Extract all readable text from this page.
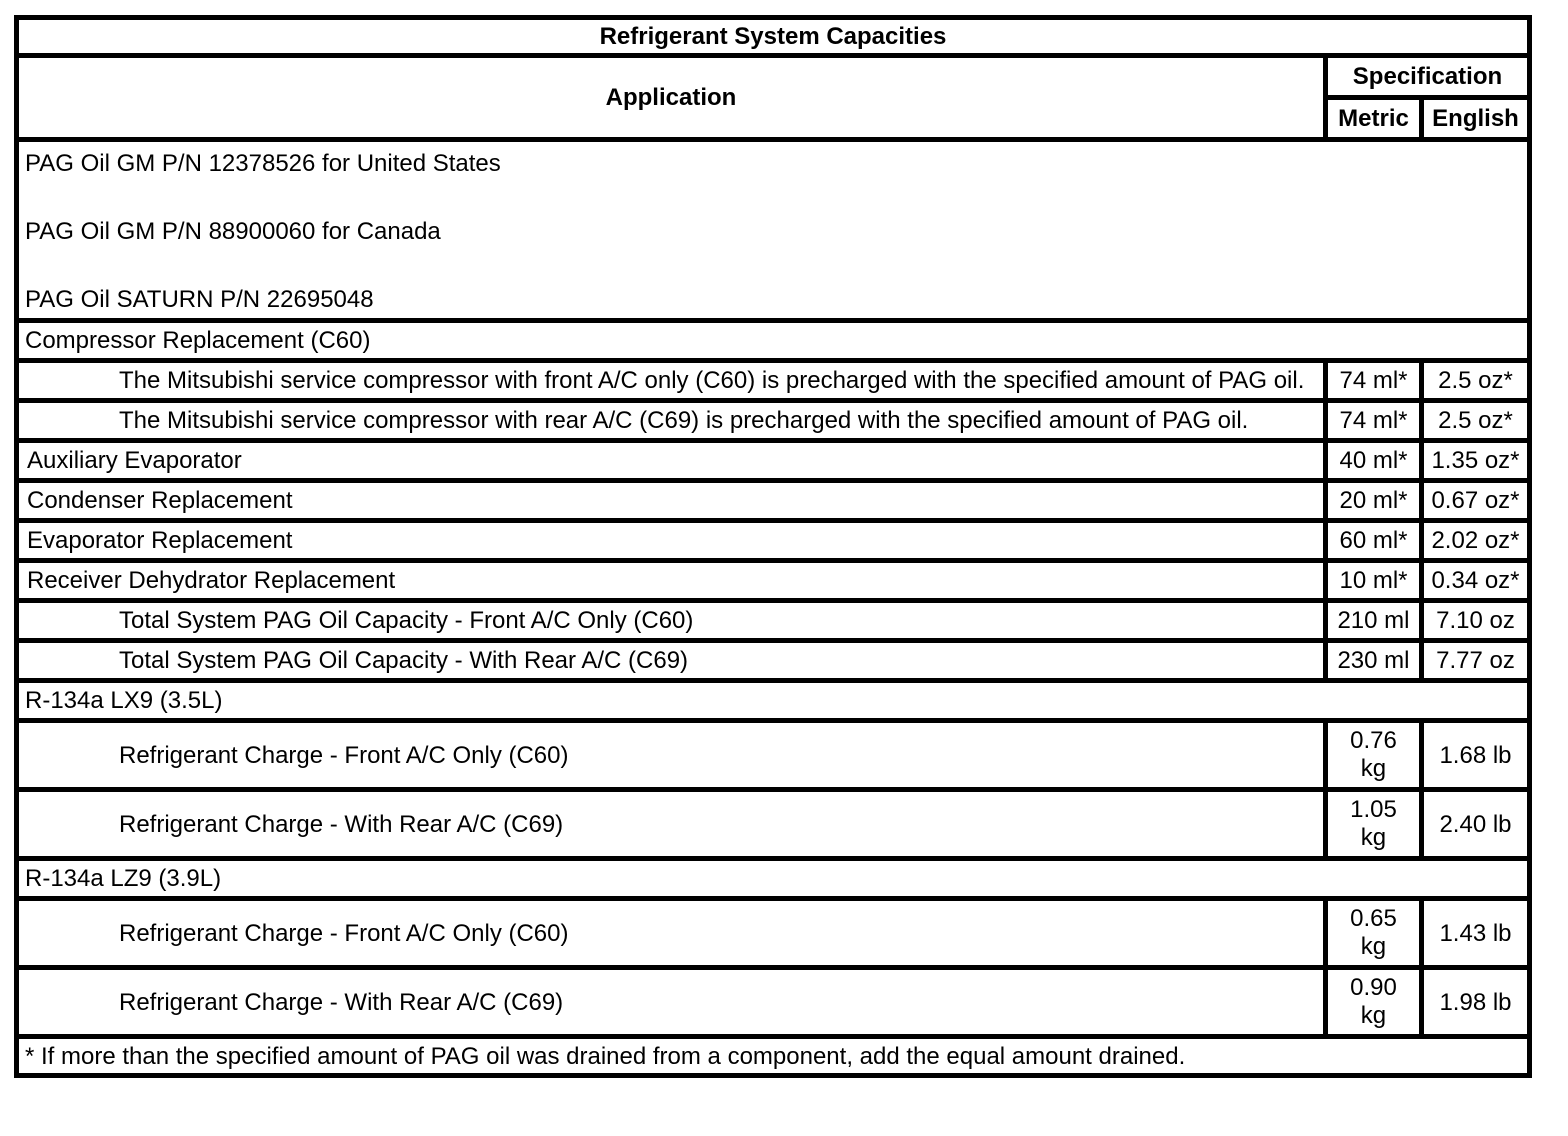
Refrigerant System Capacities		
Application	Specification	
	Metric	English

PAG Oil GM P/N 12378526 for United States

PAG Oil GM P/N 88900060 for Canada

PAG Oil SATURN P/N 22695048		

Compressor Replacement (C60)		
The Mitsubishi service compressor with front A/C only (C60) is precharged with the specified amount of PAG oil.	74 ml*	2.5 oz*
The Mitsubishi service compressor with rear A/C (C69) is precharged with the specified amount of PAG oil.	74 ml*	2.5 oz*
Auxiliary Evaporator	40 ml*	1.35 oz*
Condenser Replacement	20 ml*	0.67 oz*
Evaporator Replacement	60 ml*	2.02 oz*
Receiver Dehydrator Replacement	10 ml*	0.34 oz*
Total System PAG Oil Capacity - Front A/C Only (C60)	210 ml	7.10 oz
Total System PAG Oil Capacity - With Rear A/C (C69)	230 ml	7.77 oz
R-134a LX9 (3.5L)		
Refrigerant Charge - Front A/C Only (C60)	0.76 kg	1.68 lb
Refrigerant Charge - With Rear A/C (C69)	1.05 kg	2.40 lb
R-134a LZ9 (3.9L)		
Refrigerant Charge - Front A/C Only (C60)	0.65 kg	1.43 lb
Refrigerant Charge - With Rear A/C (C69)	0.90 kg	1.98 lb
* If more than the specified amount of PAG oil was drained from a component, add the equal amount drained.		
